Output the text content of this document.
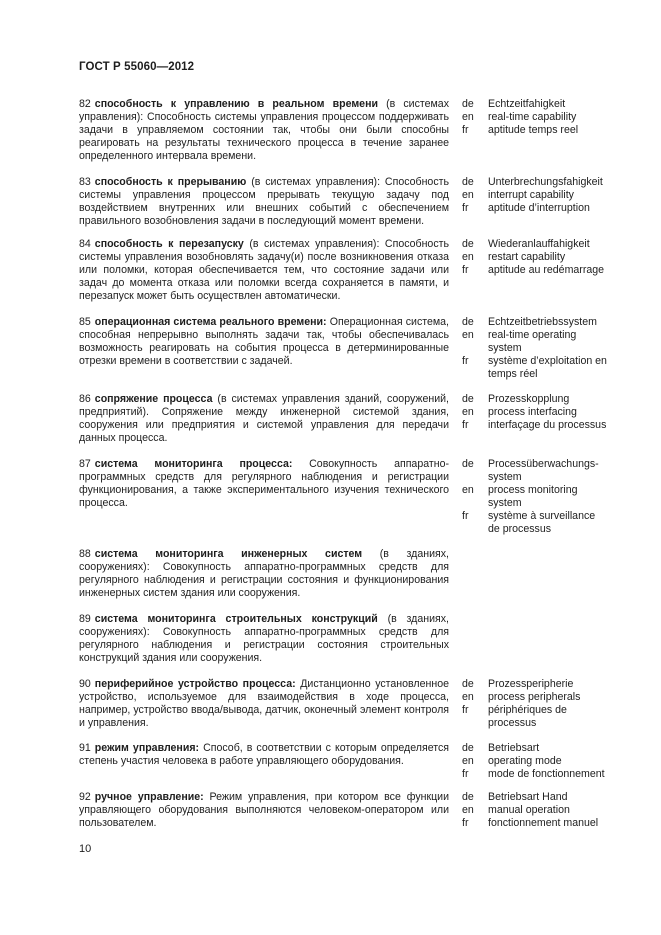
ГОСТ Р 55060—2012
82 способность к управлению в реальном времени (в системах управления): Способность системы управления процессом поддерживать задачи в управляемом состоянии так, чтобы они были способны реагировать на результаты технического процесса в течение заранее определенного интервала времени.
de
en
fr
Echtzeitfahigkeit
real-time capability
aptitude temps reel
83 способность к прерыванию (в системах управления): Способность системы управления процессом прерывать текущую задачу под воздействием внутренних или внешних событий с обеспечением правильного возобновления задачи в последующий момент времени.
de
en
fr
Unterbrechungsfahigkeit
interrupt capability
aptitude d’interruption
84 способность к перезапуску (в системах управления): Способность системы управления возобновлять задачу(и) после возникновения отказа или поломки, которая обеспечивается тем, что состояние задачи или задач до момента отказа или поломки всегда сохраняется в памяти, и перезапуск может быть осуществлен автоматически.
de
en
fr
Wiederanlauffahigkeit
restart capability
aptitude au redémarrage
85 операционная система реального времени: Операционная система, способная непрерывно выполнять задачи так, чтобы обеспечивалась возможность реагировать на события процесса в детерминированные отрезки времени в соответствии с задачей.
de
en
fr
Echtzeitbetriebssystem
real-time operating
system
système d’exploitation en
temps réel
86 сопряжение процесса (в системах управления зданий, сооружений, предприятий). Сопряжение между инженерной системой здания, сооружения или предприятия и системой управления для передачи данных процесса.
de
en
fr
Prozesskopplung
process interfacing
interfaçage du processus
87 система мониторинга процесса: Совокупность аппаратно-программных средств для регулярного наблюдения и регистрации функционирования, а также экспериментального изучения технического процесса.
de
en
fr
Processüberwachungs-
system
process monitoring
system
système à surveillance
de processus
88 система мониторинга инженерных систем (в зданиях, сооружениях): Совокупность аппаратно-программных средств для регулярного наблюдения и регистрации состояния и функционирования инженерных систем здания или сооружения.
89 система мониторинга строительных конструкций (в зданиях, сооружениях): Совокупность аппаратно-программных средств для регулярного наблюдения и регистрации состояния строительных конструкций здания или сооружения.
90 периферийное устройство процесса: Дистанционно установленное устройство, используемое для взаимодействия в ходе процесса, например, устройство ввода/вывода, датчик, оконечный элемент контроля и управления.
de
en
fr
Prozessperipherie
process peripherals
périphériques de
processus
91 режим управления: Способ, в соответствии с которым определяется степень участия человека в работе управляющего оборудования.
de
en
fr
Betriebsart
operating mode
mode de fonctionnement
92 ручное управление: Режим управления, при котором все функции управляющего оборудования выполняются человеком-оператором или пользователем.
de
en
fr
Betriebsart Hand
manual operation
fonctionnement manuel
10
